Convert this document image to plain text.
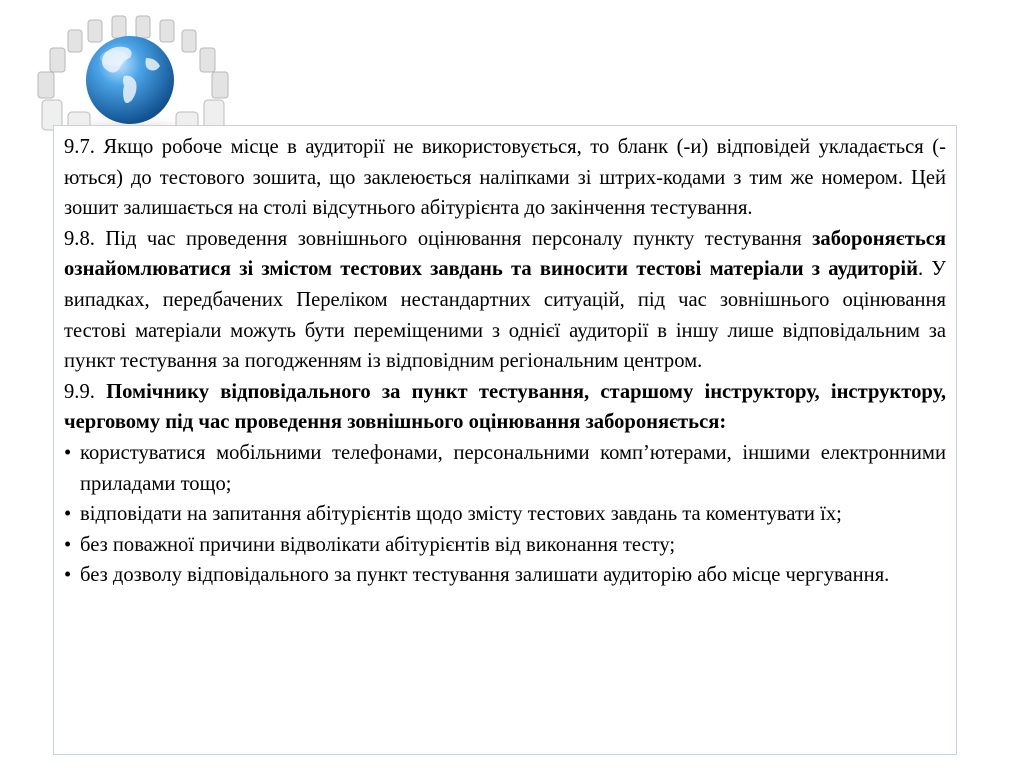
9.7. Якщо робоче місце в аудиторії не використовується, то бланк (-и) відповідей укладається (-ються) до тестового зошита, що заклеюється наліпками зі штрих-кодами з тим же номером. Цей зошит залишається на столі відсутнього абітурієнта до закінчення тестування.

9.8. Під час проведення зовнішнього оцінювання персоналу пункту тестування забороняється ознайомлюватися зі змістом тестових завдань та виносити тестові матеріали з аудиторій. У випадках, передбачених Переліком нестандартних ситуацій, під час зовнішнього оцінювання тестові матеріали можуть бути переміщеними з однієї аудиторії в іншу лише відповідальним за пункт тестування за погодженням із відповідним регіональним центром.

9.9. Помічнику відповідального за пункт тестування, старшому інструктору, інструктору, черговому під час проведення зовнішнього оцінювання забороняється:

• користуватися мобільними телефонами, персональними комп’ютерами, іншими електронними приладами тощо;
• відповідати на запитання абітурієнтів щодо змісту тестових завдань та коментувати їх;
• без поважної причини відволікати абітурієнтів від виконання тесту;
• без дозволу відповідального за пункт тестування залишати аудиторію або місце чергування.
